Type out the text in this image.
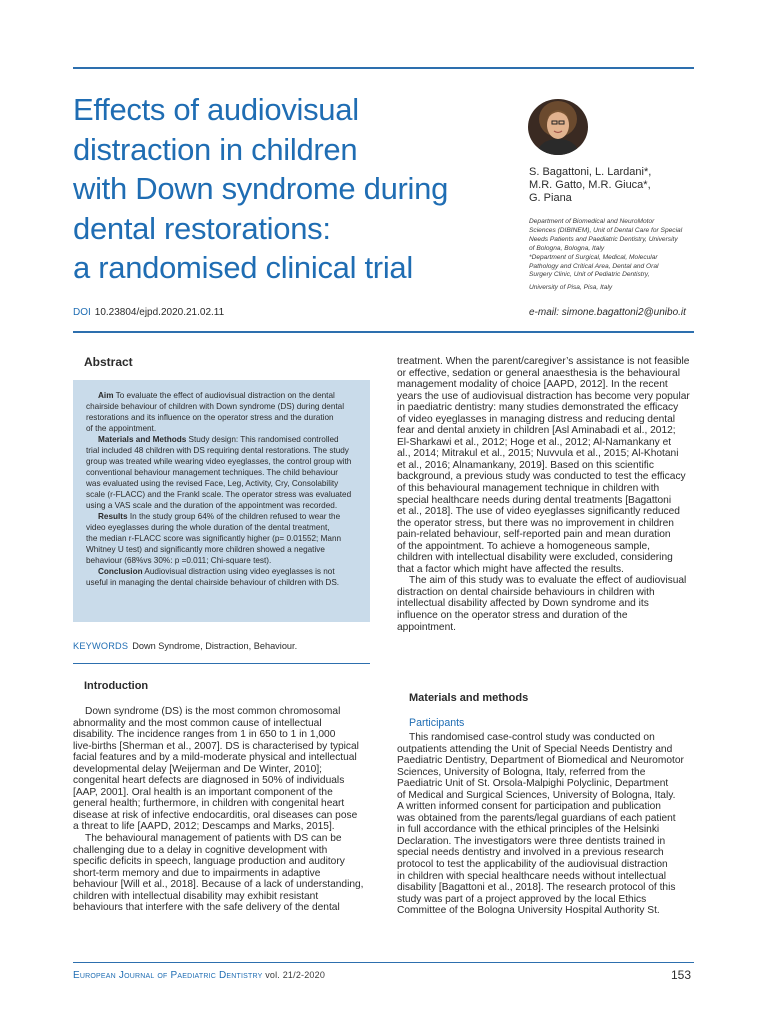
Effects of audiovisual
distraction in children
with Down syndrome during
dental restorations:
a randomised clinical trial
S. Bagattoni, L. Lardani*,
M.R. Gatto, M.R. Giuca*,
G. Piana
Department of Biomedical and NeuroMotor
Sciences (DIBINEM), Unit of Dental Care for Special
Needs Patients and Paediatric Dentistry, University
of Bologna, Bologna, Italy
*Department of Surgical, Medical, Molecular
Pathology and Critical Area, Dental and Oral
Surgery Clinic, Unit of Pediatric Dentistry,
University of Pisa, Pisa, Italy
e-mail: simone.bagattoni2@unibo.it
DOI 10.23804/ejpd.2020.21.02.11
Abstract
Aim To evaluate the effect of audiovisual distraction on the dental
chairside behaviour of children with Down syndrome (DS) during dental
restorations and its influence on the operator stress and the duration
of the appointment.
Materials and Methods Study design: This randomised controlled
trial included 48 children with DS requiring dental restorations. The study
group was treated while wearing video eyeglasses, the control group with
conventional behaviour management techniques. The child behaviour
was evaluated using the revised Face, Leg, Activity, Cry, Consolability
scale (r-FLACC) and the Frankl scale. The operator stress was evaluated
using a VAS scale and the duration of the appointment was recorded.
Results In the study group 64% of the children refused to wear the
video eyeglasses during the whole duration of the dental treatment,
the median r-FLACC score was significantly higher (p= 0.01552; Mann
Whitney U test) and significantly more children showed a negative
behaviour (68%vs 30%: p =0.011; Chi-square test).
Conclusion Audiovisual distraction using video eyeglasses is not
useful in managing the dental chairside behaviour of children with DS.
KEYWORDS Down Syndrome, Distraction, Behaviour.
Introduction
Down syndrome (DS) is the most common chromosomal
abnormality and the most common cause of intellectual
disability. The incidence ranges from 1 in 650 to 1 in 1,000
live-births [Sherman et al., 2007]. DS is characterised by typical
facial features and by a mild-moderate physical and intellectual
developmental delay [Weijerman and De Winter, 2010];
congenital heart defects are diagnosed in 50% of individuals
[AAP, 2001]. Oral health is an important component of the
general health; furthermore, in children with congenital heart
disease at risk of infective endocarditis, oral diseases can pose
a threat to life [AAPD, 2012; Descamps and Marks, 2015].
The behavioural management of patients with DS can be
challenging due to a delay in cognitive development with
specific deficits in speech, language production and auditory
short-term memory and due to impairments in adaptive
behaviour [Will et al., 2018]. Because of a lack of understanding,
children with intellectual disability may exhibit resistant
behaviours that interfere with the safe delivery of the dental
treatment. When the parent/caregiver’s assistance is not feasible
or effective, sedation or general anaesthesia is the behavioural
management modality of choice [AAPD, 2012]. In the recent
years the use of audiovisual distraction has become very popular
in paediatric dentistry: many studies demonstrated the efficacy
of video eyeglasses in managing distress and reducing dental
fear and dental anxiety in children [Asl Aminabadi et al., 2012;
El-Sharkawi et al., 2012; Hoge et al., 2012; Al-Namankany et
al., 2014; Mitrakul et al., 2015; Nuvvula et al., 2015; Al-Khotani
et al., 2016; Alnamankany, 2019]. Based on this scientific
background, a previous study was conducted to test the efficacy
of this behavioural management technique in children with
special healthcare needs during dental treatments [Bagattoni
et al., 2018]. The use of video eyeglasses significantly reduced
the operator stress, but there was no improvement in children
pain-related behaviour, self-reported pain and mean duration
of the appointment. To achieve a homogeneous sample,
children with intellectual disability were excluded, considering
that a factor which might have affected the results.
The aim of this study was to evaluate the effect of audiovisual
distraction on dental chairside behaviours in children with
intellectual disability affected by Down syndrome and its
influence on the operator stress and duration of the
appointment.
Materials and methods
Participants
This randomised case-control study was conducted on
outpatients attending the Unit of Special Needs Dentistry and
Paediatric Dentistry, Department of Biomedical and Neuromotor
Sciences, University of Bologna, Italy, referred from the
Paediatric Unit of St. Orsola-Malpighi Polyclinic, Department
of Medical and Surgical Sciences, University of Bologna, Italy.
A written informed consent for participation and publication
was obtained from the parents/legal guardians of each patient
in full accordance with the ethical principles of the Helsinki
Declaration. The investigators were three dentists trained in
special needs dentistry and involved in a previous research
protocol to test the applicability of the audiovisual distraction
in children with special healthcare needs without intellectual
disability [Bagattoni et al., 2018]. The research protocol of this
study was part of a project approved by the local Ethics
Committee of the Bologna University Hospital Authority St.
European Journal of Paediatric Dentistry vol. 21/2-2020	153
